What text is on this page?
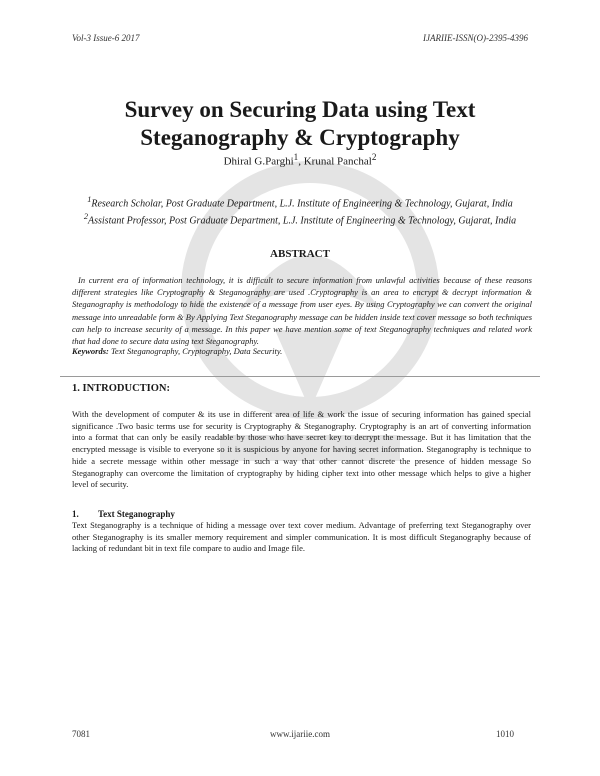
Vol-3 Issue-6 2017	IJARIIE-ISSN(O)-2395-4396
Survey on Securing Data using Text
Steganography & Cryptography
Dhiral G.Parghi$^1$, Krunal Panchal$^2$
$^1$Research Scholar, Post Graduate Department, L.J. Institute of Engineering & Technology, Gujarat, India
$^2$Assistant Professor, Post Graduate Department, L.J. Institute of Engineering & Technology, Gujarat, India
ABSTRACT

In current era of information technology, it is difficult to secure information from unlawful activities because of these reasons different strategies like Cryptography & Steganography are used .Cryptography is an area to encrypt & decrypt information & Steganography is methodology to hide the existence of a message from user eyes. By using Cryptography we can convert the original message into unreadable form & By Applying Text Steganography message can be hidden inside text cover message so both techniques can help to increase security of a message. In this paper we have mention some of text Steganography techniques and related work that had done to secure data using text Steganography.

Keywords: Text Steganography, Cryptography, Data Security.
1. INTRODUCTION:

With the development of computer & its use in different area of life & work the issue of securing information has gained special significance .Two basic terms use for security is Cryptography & Steganography. Cryptography is an art of converting information into a format that can only be easily readable by those who have secret key to decrypt the message. But it has limitation that the encrypted message is visible to everyone so it is suspicious by anyone for having secret information. Steganography is technique to hide a secrete message within other message in such a way that other cannot discrete the presence of hidden message So Steganography can overcome the limitation of cryptography by hiding cipher text into other message which helps to give a higher level of security.

1. Text Steganography

Text Steganography is a technique of hiding a message over text cover medium. Advantage of preferring text Steganography over other Steganography is its smaller memory requirement and simpler communication. It is most difficult Steganography because of lacking of redundant bit in text file compare to audio and Image file.

7081	www.ijariie.com	1010
